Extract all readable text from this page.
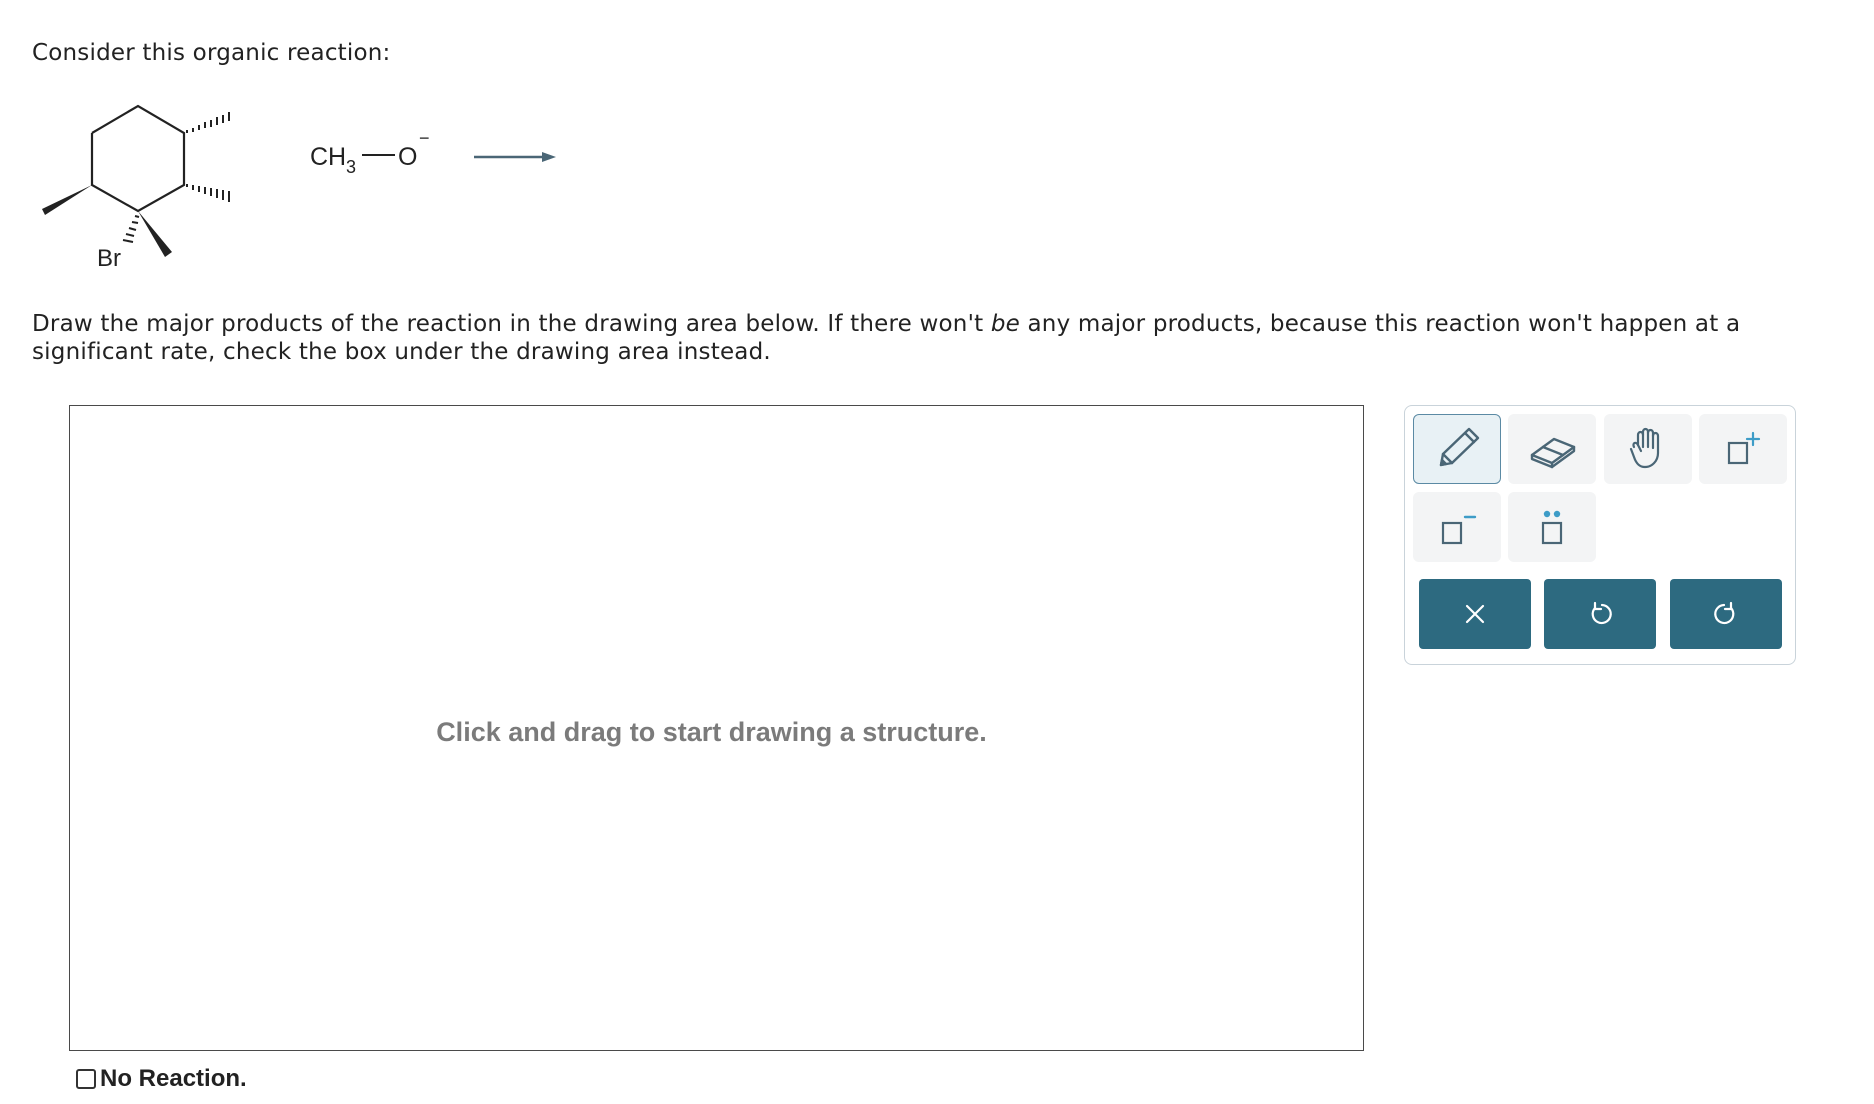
Consider this organic reaction:
Br
CH 3 O
−
Draw the major products of the reaction in the drawing area below. If there won't be any major products, because this reaction won't happen at a significant rate, check the box under the drawing area instead.
Click and drag to start drawing a structure.
No Reaction.
